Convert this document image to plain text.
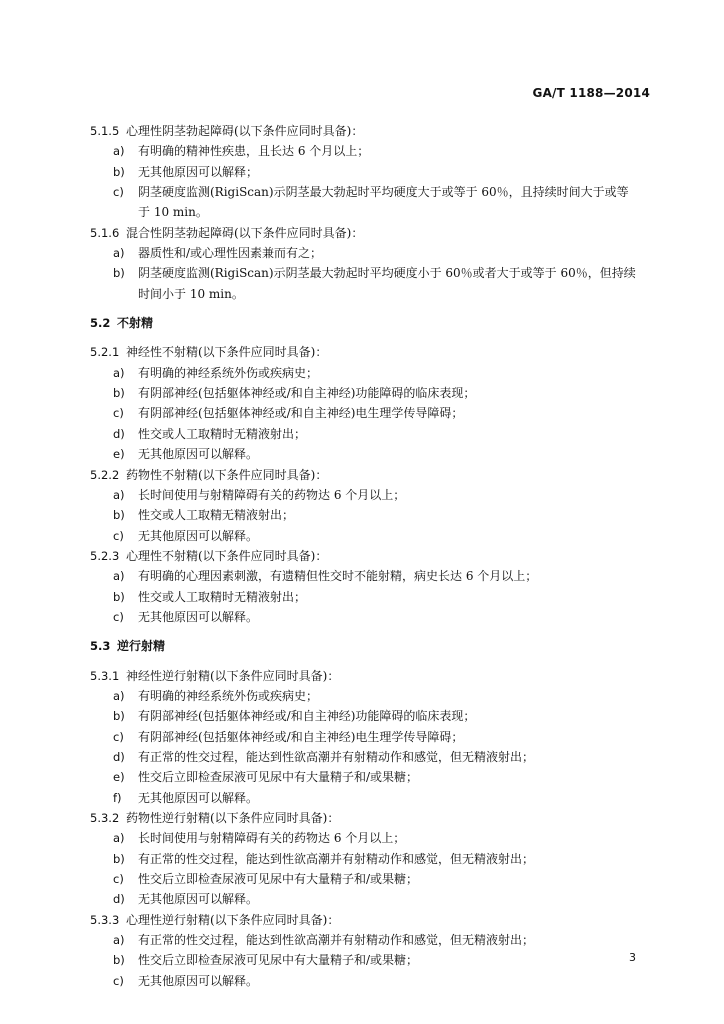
GA/T 1188—2014
5.1.5 心理性阴茎勃起障碍(以下条件应同时具备)：
a) 有明确的精神性疾患，且长达 6 个月以上；
b) 无其他原因可以解释；
c) 阴茎硬度监测(RigiScan)示阴茎最大勃起时平均硬度大于或等于 60％，且持续时间大于或等
于 10 min。
5.1.6 混合性阴茎勃起障碍(以下条件应同时具备)：
a) 器质性和/或心理性因素兼而有之；
b) 阴茎硬度监测(RigiScan)示阴茎最大勃起时平均硬度小于 60％或者大于或等于 60％，但持续
时间小于 10 min。
5.2 不射精
5.2.1 神经性不射精(以下条件应同时具备)：
a) 有明确的神经系统外伤或疾病史；
b) 有阴部神经(包括躯体神经或/和自主神经)功能障碍的临床表现；
c) 有阴部神经(包括躯体神经或/和自主神经)电生理学传导障碍；
d) 性交或人工取精时无精液射出；
e) 无其他原因可以解释。
5.2.2 药物性不射精(以下条件应同时具备)：
a) 长时间使用与射精障碍有关的药物达 6 个月以上；
b) 性交或人工取精无精液射出；
c) 无其他原因可以解释。
5.2.3 心理性不射精(以下条件应同时具备)：
a) 有明确的心理因素刺激，有遗精但性交时不能射精，病史长达 6 个月以上；
b) 性交或人工取精时无精液射出；
c) 无其他原因可以解释。
5.3 逆行射精
5.3.1 神经性逆行射精(以下条件应同时具备)：
a) 有明确的神经系统外伤或疾病史；
b) 有阴部神经(包括躯体神经或/和自主神经)功能障碍的临床表现；
c) 有阴部神经(包括躯体神经或/和自主神经)电生理学传导障碍；
d) 有正常的性交过程，能达到性欲高潮并有射精动作和感觉，但无精液射出；
e) 性交后立即检查尿液可见尿中有大量精子和/或果糖；
f) 无其他原因可以解释。
5.3.2 药物性逆行射精(以下条件应同时具备)：
a) 长时间使用与射精障碍有关的药物达 6 个月以上；
b) 有正常的性交过程，能达到性欲高潮并有射精动作和感觉，但无精液射出；
c) 性交后立即检查尿液可见尿中有大量精子和/或果糖；
d) 无其他原因可以解释。
5.3.3 心理性逆行射精(以下条件应同时具备)：
a) 有正常的性交过程，能达到性欲高潮并有射精动作和感觉，但无精液射出；
b) 性交后立即检查尿液可见尿中有大量精子和/或果糖；
c) 无其他原因可以解释。
3
